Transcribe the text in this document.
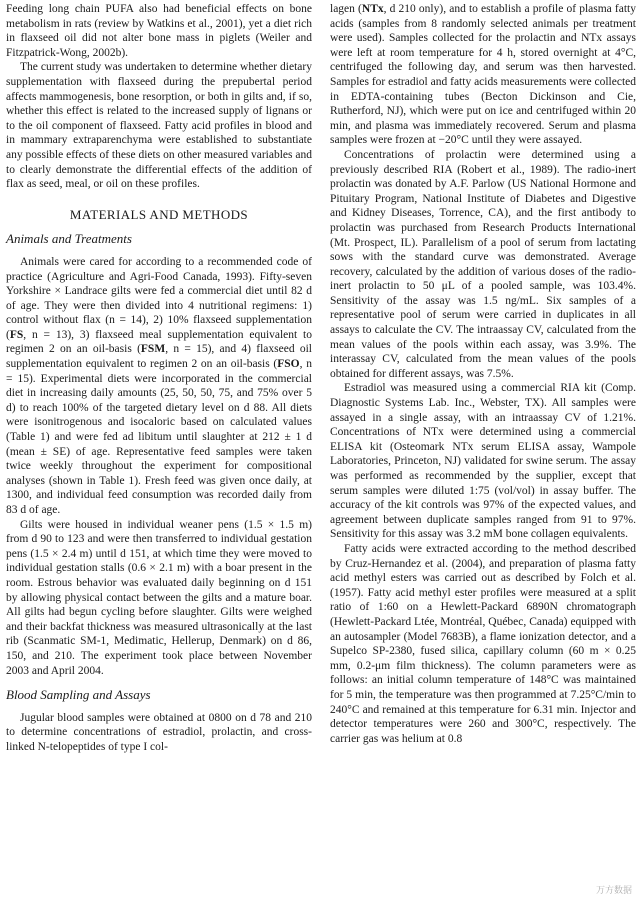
Feeding long chain PUFA also had beneficial effects on bone metabolism in rats (review by Watkins et al., 2001), yet a diet rich in flaxseed oil did not alter bone mass in piglets (Weiler and Fitzpatrick-Wong, 2002b).

The current study was undertaken to determine whether dietary supplementation with flaxseed during the prepubertal period affects mammogenesis, bone resorption, or both in gilts and, if so, whether this effect is related to the increased supply of lignans or to the oil component of flaxseed. Fatty acid profiles in blood and in mammary extraparenchyma were established to substantiate any possible effects of these diets on other measured variables and to clearly demonstrate the differential effects of the addition of flax as seed, meal, or oil on these profiles.

MATERIALS AND METHODS
Animals and Treatments

Animals were cared for according to a recommended code of practice (Agriculture and Agri-Food Canada, 1993). Fifty-seven Yorkshire × Landrace gilts were fed a commercial diet until 82 d of age. They were then divided into 4 nutritional regimens: 1) control without flax (n = 14), 2) 10% flaxseed supplementation (FS, n = 13), 3) flaxseed meal supplementation equivalent to regimen 2 on an oil-basis (FSM, n = 15), and 4) flaxseed oil supplementation equivalent to regimen 2 on an oil-basis (FSO, n = 15). Experimental diets were incorporated in the commercial diet in increasing daily amounts (25, 50, 50, 75, and 75% over 5 d) to reach 100% of the targeted dietary level on d 88. All diets were isonitrogenous and isocaloric based on calculated values (Table 1) and were fed ad libitum until slaughter at 212 ± 1 d (mean ± SE) of age. Representative feed samples were taken twice weekly throughout the experiment for compositional analyses (shown in Table 1). Fresh feed was given once daily, at 1300, and individual feed consumption was recorded daily from 83 d of age.

Gilts were housed in individual weaner pens (1.5 × 1.5 m) from d 90 to 123 and were then transferred to individual gestation pens (1.5 × 2.4 m) until d 151, at which time they were moved to individual gestation stalls (0.6 × 2.1 m) with a boar present in the room. Estrous behavior was evaluated daily beginning on d 151 by allowing physical contact between the gilts and a mature boar. All gilts had begun cycling before slaughter. Gilts were weighed and their backfat thickness was measured ultrasonically at the last rib (Scanmatic SM-1, Medimatic, Hellerup, Denmark) on d 86, 150, and 210. The experiment took place between November 2003 and April 2004.

Blood Sampling and Assays

Jugular blood samples were obtained at 0800 on d 78 and 210 to determine concentrations of estradiol, prolactin, and cross-linked N-telopeptides of type I col-

lagen (NTx, d 210 only), and to establish a profile of plasma fatty acids (samples from 8 randomly selected animals per treatment were used). Samples collected for the prolactin and NTx assays were left at room temperature for 4 h, stored overnight at 4°C, centrifuged the following day, and serum was then harvested. Samples for estradiol and fatty acids measurements were collected in EDTA-containing tubes (Becton Dickinson and Cie, Rutherford, NJ), which were put on ice and centrifuged within 20 min, and plasma was immediately recovered. Serum and plasma samples were frozen at −20°C until they were assayed.

Concentrations of prolactin were determined using a previously described RIA (Robert et al., 1989). The radio-inert prolactin was donated by A.F. Parlow (US National Hormone and Pituitary Program, National Institute of Diabetes and Digestive and Kidney Diseases, Torrence, CA), and the first antibody to prolactin was purchased from Research Products International (Mt. Prospect, IL). Parallelism of a pool of serum from lactating sows with the standard curve was demonstrated. Average recovery, calculated by the addition of various doses of the radio-inert prolactin to 50 μL of a pooled sample, was 103.4%. Sensitivity of the assay was 1.5 ng/mL. Six samples of a representative pool of serum were carried in duplicates in all assays to calculate the CV. The intraassay CV, calculated from the mean values of the pools within each assay, was 3.9%. The interassay CV, calculated from the mean values of the pools obtained for different assays, was 7.5%.

Estradiol was measured using a commercial RIA kit (Comp. Diagnostic Systems Lab. Inc., Webster, TX). All samples were assayed in a single assay, with an intraassay CV of 1.21%. Concentrations of NTx were determined using a commercial ELISA kit (Osteomark NTx serum ELISA assay, Wampole Laboratories, Princeton, NJ) validated for swine serum. The assay was performed as recommended by the supplier, except that serum samples were diluted 1:75 (vol/vol) in assay buffer. The accuracy of the kit controls was 97% of the expected values, and agreement between duplicate samples ranged from 91 to 97%. Sensitivity for this assay was 3.2 mM bone collagen equivalents.

Fatty acids were extracted according to the method described by Cruz-Hernandez et al. (2004), and preparation of plasma fatty acid methyl esters was carried out as described by Folch et al. (1957). Fatty acid methyl ester profiles were measured at a split ratio of 1:60 on a Hewlett-Packard 6890N chromatograph (Hewlett-Packard Ltée, Montréal, Québec, Canada) equipped with an autosampler (Model 7683B), a flame ionization detector, and a Supelco SP-2380, fused silica, capillary column (60 m × 0.25 mm, 0.2-μm film thickness). The column parameters were as follows: an initial column temperature of 148°C was maintained for 5 min, the temperature was then programmed at 7.25°C/min to 240°C and remained at this temperature for 6.31 min. Injector and detector temperatures were 260 and 300°C, respectively. The carrier gas was helium at 0.8

万方数据
